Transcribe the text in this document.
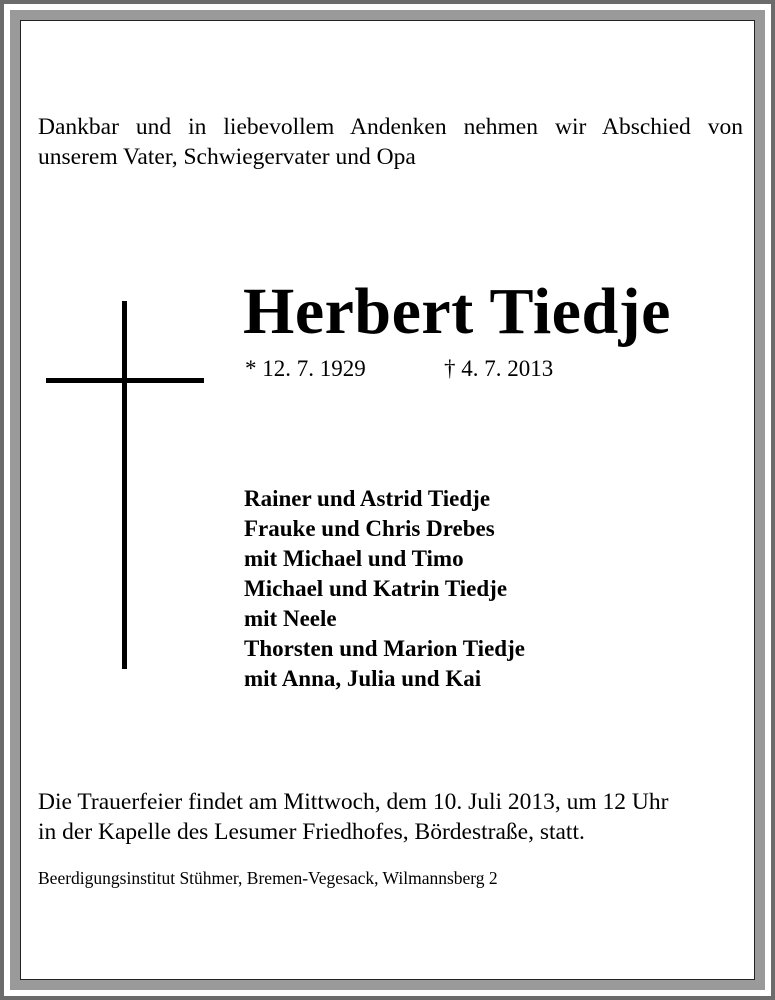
Dankbar und in liebevollem Andenken nehmen wir Abschied von
unserem Vater, Schwiegervater und Opa
Herbert Tiedje
* 12. 7. 1929	† 4. 7. 2013
Rainer und Astrid Tiedje
Frauke und Chris Drebes
mit Michael und Timo
Michael und Katrin Tiedje
mit Neele
Thorsten und Marion Tiedje
mit Anna, Julia und Kai
Die Trauerfeier findet am Mittwoch, dem 10. Juli 2013, um 12 Uhr
in der Kapelle des Lesumer Friedhofes, Bördestraße, statt.
Beerdigungsinstitut Stühmer, Bremen-Vegesack, Wilmannsberg 2
